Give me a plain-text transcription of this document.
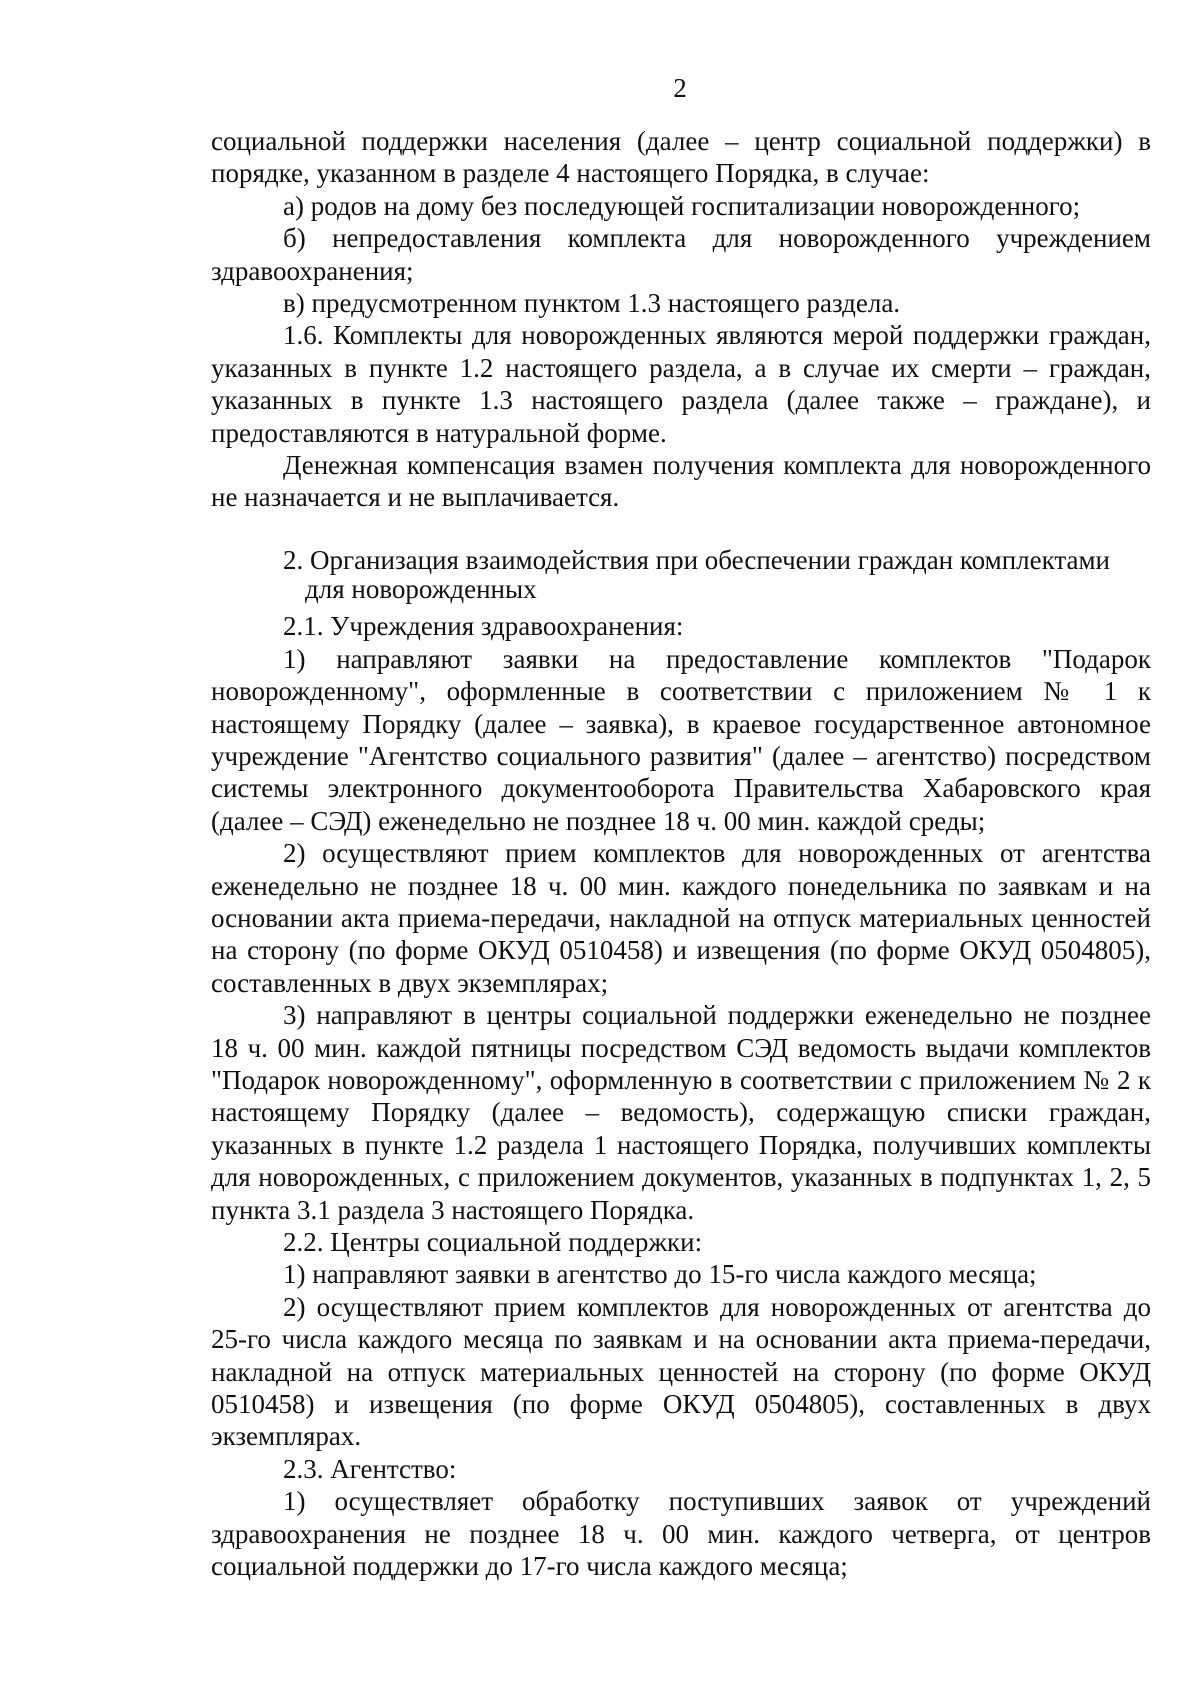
2

социальной поддержки населения (далее – центр социальной поддержки) в порядке, указанном в разделе 4 настоящего Порядка, в случае:

а) родов на дому без последующей госпитализации новорожденного;

б) непредоставления комплекта для новорожденного учреждением здравоохранения;

в) предусмотренном пунктом 1.3 настоящего раздела.

1.6. Комплекты для новорожденных являются мерой поддержки граждан, указанных в пункте 1.2 настоящего раздела, а в случае их смерти – граждан, указанных в пункте 1.3 настоящего раздела (далее также – граждане), и предоставляются в натуральной форме.

Денежная компенсация взамен получения комплекта для новорожденного не назначается и не выплачивается.

2. Организация взаимодействия при обеспечении граждан комплектами
для новорожденных

2.1. Учреждения здравоохранения:

1) направляют заявки на предоставление комплектов "Подарок новорожденному", оформленные в соответствии с приложением № 1 к настоящему Порядку (далее – заявка), в краевое государственное автономное учреждение "Агентство социального развития" (далее – агентство) посредством системы электронного документооборота Правительства Хабаровского края (далее – СЭД) еженедельно не позднее 18 ч. 00 мин. каждой среды;

2) осуществляют прием комплектов для новорожденных от агентства еженедельно не позднее 18 ч. 00 мин. каждого понедельника по заявкам и на основании акта приема-передачи, накладной на отпуск материальных ценностей на сторону (по форме ОКУД 0510458) и извещения (по форме ОКУД 0504805), составленных в двух экземплярах;

3) направляют в центры социальной поддержки еженедельно не позднее 18 ч. 00 мин. каждой пятницы посредством СЭД ведомость выдачи комплектов "Подарок новорожденному", оформленную в соответствии с приложением № 2 к настоящему Порядку (далее – ведомость), содержащую списки граждан, указанных в пункте 1.2 раздела 1 настоящего Порядка, получивших комплекты для новорожденных, с приложением документов, указанных в подпунктах 1, 2, 5 пункта 3.1 раздела 3 настоящего Порядка.

2.2. Центры социальной поддержки:

1) направляют заявки в агентство до 15-го числа каждого месяца;

2) осуществляют прием комплектов для новорожденных от агентства до 25-го числа каждого месяца по заявкам и на основании акта приема-передачи, накладной на отпуск материальных ценностей на сторону (по форме ОКУД 0510458) и извещения (по форме ОКУД 0504805), составленных в двух экземплярах.

2.3. Агентство:

1) осуществляет обработку поступивших заявок от учреждений здравоохранения не позднее 18 ч. 00 мин. каждого четверга, от центров социальной поддержки до 17-го числа каждого месяца;
